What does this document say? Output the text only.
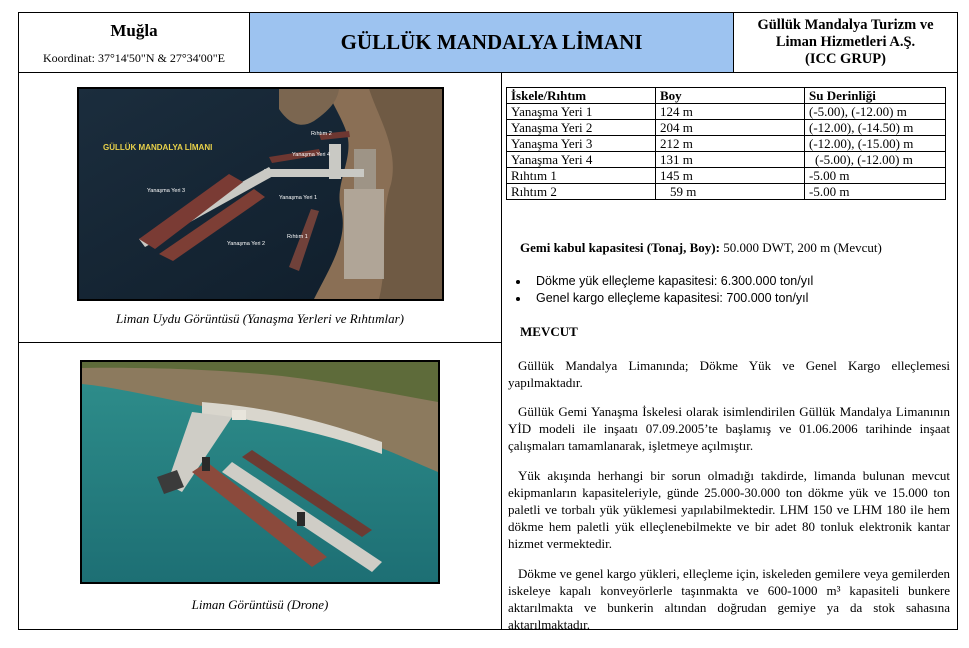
Muğla
Koordinat: 37°14'50"N & 27°34'00"E
GÜLLÜK MANDALYA LİMANI
Güllük Mandalya Turizm ve
Liman Hizmetleri A.Ş.
(ICC GRUP)
GÜLLÜK MANDALYA LİMANI
Rıhtım 2
Yanaşma Yeri 4
Yanaşma Yeri 3
Yanaşma Yeri 1
Rıhtım 1
Yanaşma Yeri 2
Liman Uydu Görüntüsü (Yanaşma Yerleri ve Rıhtımlar)
Liman Görüntüsü (Drone)
İskele/Rıhtım	Boy	Su Derinliği
Yanaşma Yeri 1	124 m	(-5.00), (-12.00) m
Yanaşma Yeri 2	204 m	(-12.00), (-14.50) m
Yanaşma Yeri 3	212 m	(-12.00), (-15.00) m
Yanaşma Yeri 4	131 m	(-5.00), (-12.00) m
Rıhtım 1	145 m	-5.00 m
Rıhtım 2	59 m	-5.00 m
Gemi kabul kapasitesi (Tonaj, Boy): 50.000 DWT, 200 m (Mevcut)
• Dökme yük elleçleme kapasitesi: 6.300.000 ton/yıl
• Genel kargo elleçleme kapasitesi: 700.000 ton/yıl
MEVCUT
Güllük Mandalya Limanında; Dökme Yük ve Genel Kargo elleçlemesi yapılmaktadır.
Güllük Gemi Yanaşma İskelesi olarak isimlendirilen Güllük Mandalya Limanının YİD modeli ile inşaatı 07.09.2005’te başlamış ve 01.06.2006 tarihinde inşaat çalışmaları tamamlanarak, işletmeye açılmıştır.
Yük akışında herhangi bir sorun olmadığı takdirde, limanda bulunan mevcut ekipmanların kapasiteleriyle, günde 25.000-30.000 ton dökme yük ve 15.000 ton paletli ve torbalı yük yüklemesi yapılabilmektedir. LHM 150 ve LHM 180 ile hem dökme hem paletli yük elleçlenebilmekte ve bir adet 80 tonluk elektronik kantar hizmet vermektedir.
Dökme ve genel kargo yükleri, elleçleme için, iskeleden gemilere veya gemilerden iskeleye kapalı konveyörlerle taşınmakta ve 600-1000 m³ kapasiteli bunkere aktarılmakta ve bunkerin altından doğrudan gemiye ya da stok sahasına aktarılmaktadır.
